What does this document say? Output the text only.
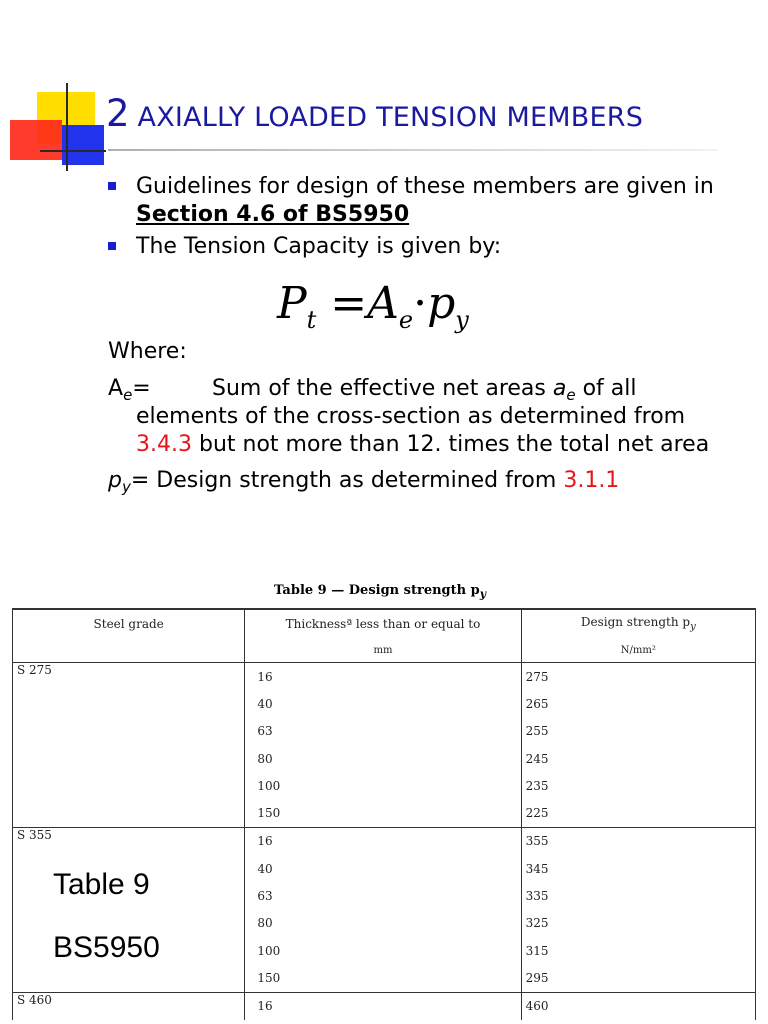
2 AXIALLY LOADED TENSION MEMBERS
Guidelines for design of these members are given in
Section 4.6 of BS5950
The Tension Capacity is given by:
$P_t =A_e\cdot p_y$
Where:
$A_e=$	Sum of the effective net areas $a_e$ of all
elements of the cross-section as determined from
3.4.3 but not more than 12. times the total net area
$p_y=$ Design strength as determined from 3.1.1
Table 9 — Design strength $p_y$
Steel grade	Thicknessª less than or equal to	Design strength $p_y$
	mm	N/mm²
S 275	16	275
	40	265
	63	255
	80	245
	100	235
	150	225
S 355	16	355
	40	345
	63	335
	80	325
	100	315
	150	295
S 460	16	460
Table 9
BS5950
